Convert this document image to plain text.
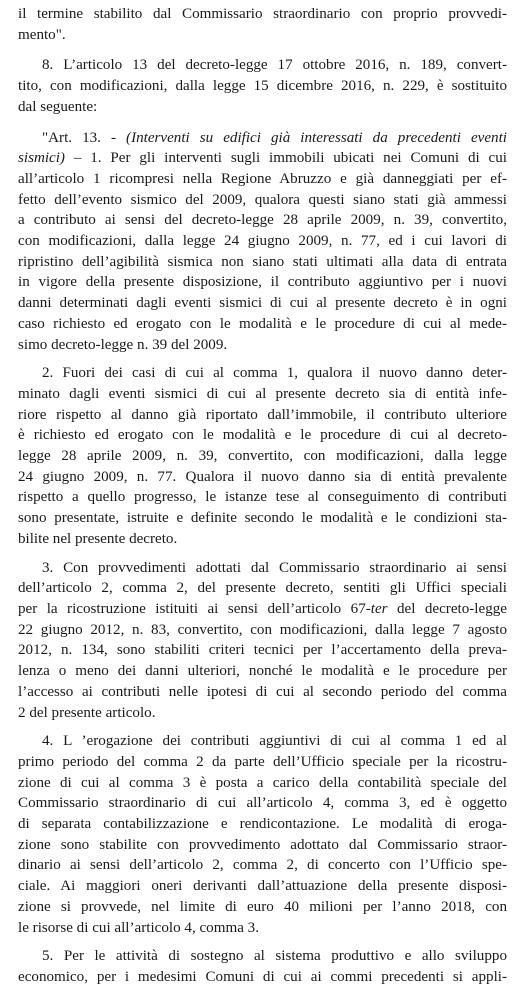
il termine stabilito dal Commissario straordinario con proprio provvedi-
mento".
8. L’articolo 13 del decreto-legge 17 ottobre 2016, n. 189, convert-
tito, con modificazioni, dalla legge 15 dicembre 2016, n. 229, è sostituito
dal seguente:
"Art. 13. - (Interventi su edifici già interessati da precedenti eventi
sismici) – 1. Per gli interventi sugli immobili ubicati nei Comuni di cui
all’articolo 1 ricompresi nella Regione Abruzzo e già danneggiati per ef-
fetto dell’evento sismico del 2009, qualora questi siano stati già ammessi
a contributo ai sensi del decreto-legge 28 aprile 2009, n. 39, convertito,
con modificazioni, dalla legge 24 giugno 2009, n. 77, ed i cui lavori di
ripristino dell’agibilità sismica non siano stati ultimati alla data di entrata
in vigore della presente disposizione, il contributo aggiuntivo per i nuovi
danni determinati dagli eventi sismici di cui al presente decreto è in ogni
caso richiesto ed erogato con le modalità e le procedure di cui al mede-
simo decreto-legge n. 39 del 2009.
2. Fuori dei casi di cui al comma 1, qualora il nuovo danno deter-
minato dagli eventi sismici di cui al presente decreto sia di entità infe-
riore rispetto al danno già riportato dall’immobile, il contributo ulteriore
è richiesto ed erogato con le modalità e le procedure di cui al decreto-
legge 28 aprile 2009, n. 39, convertito, con modificazioni, dalla legge
24 giugno 2009, n. 77. Qualora il nuovo danno sia di entità prevalente
rispetto a quello progresso, le istanze tese al conseguimento di contributi
sono presentate, istruite e definite secondo le modalità e le condizioni sta-
bilite nel presente decreto.
3. Con provvedimenti adottati dal Commissario straordinario ai sensi
dell’articolo 2, comma 2, del presente decreto, sentiti gli Uffici speciali
per la ricostruzione istituiti ai sensi dell’articolo 67-ter del decreto-legge
22 giugno 2012, n. 83, convertito, con modificazioni, dalla legge 7 agosto
2012, n. 134, sono stabiliti criteri tecnici per l’accertamento della preva-
lenza o meno dei danni ulteriori, nonché le modalità e le procedure per
l’accesso ai contributi nelle ipotesi di cui al secondo periodo del comma
2 del presente articolo.
4. L ’erogazione dei contributi aggiuntivi di cui al comma 1 ed al
primo periodo del comma 2 da parte dell’Ufficio speciale per la ricostru-
zione di cui al comma 3 è posta a carico della contabilità speciale del
Commissario straordinario di cui all’articolo 4, comma 3, ed è oggetto
di separata contabilizzazione e rendicontazione. Le modalità di eroga-
zione sono stabilite con provvedimento adottato dal Commissario straor-
dinario ai sensi dell’articolo 2, comma 2, di concerto con l’Ufficio spe-
ciale. Ai maggiori oneri derivanti dall’attuazione della presente disposi-
zione si provvede, nel limite di euro 40 milioni per l’anno 2018, con
le risorse di cui all’articolo 4, comma 3.
5. Per le attività di sostegno al sistema produttivo e allo sviluppo
economico, per i medesimi Comuni di cui ai commi precedenti si appli-
